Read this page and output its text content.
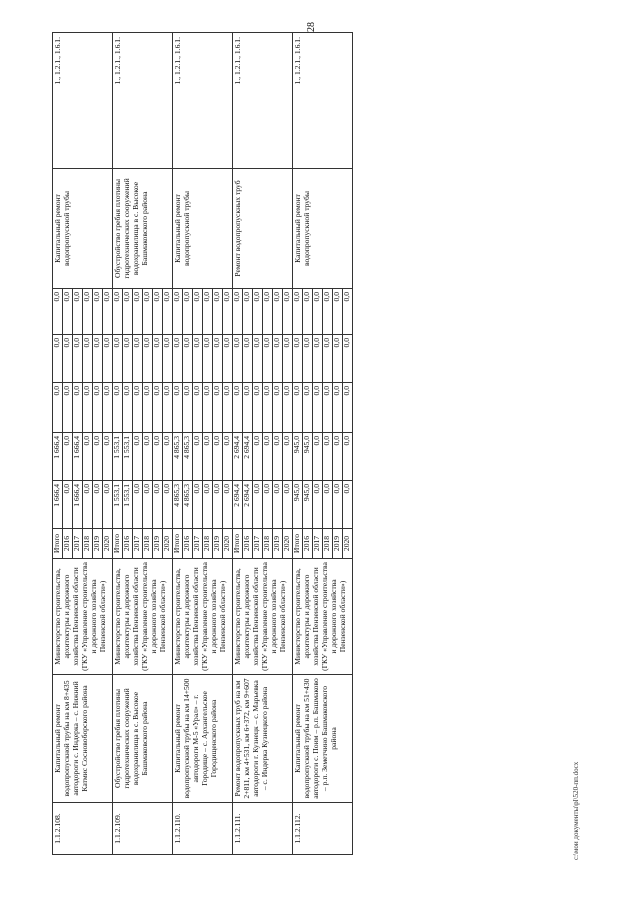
28
c:\мои документы\pl\520-пп.docx
1.1.2.108.	Капитальный ремонт водопропускной трубы на км 8+435 автодороги с. Индерка – с. Нижний Катмис Сосновоборского района	Министерство строительства, архитектуры и дорожного хозяйства Пензенской области (ГКУ «Управление строительства и дорожного хозяйства Пензенской области»)	Итого	1 666,4	1 666,4	0,0	0,0	0,0	Капитальный ремонт водопропускной трубы	1., 1.2.1., 1.6.1.
			2016	0,0	0,0	0,0	0,0	0,0		
			2017	1 666,4	1 666,4	0,0	0,0	0,0		
			2018	0,0	0,0	0,0	0,0	0,0		
			2019	0,0	0,0	0,0	0,0	0,0		
			2020	0,0	0,0	0,0	0,0	0,0		
1.1.2.109.	Обустройство гребня плотины гидротехнических сооружений водохранилища в с. Высокое Башмаковского района	Министерство строительства, архитектуры и дорожного хозяйства Пензенской области (ГКУ «Управление строительства и дорожного хозяйства Пензенской области»)	Итого	1 553,1	1 553,1	0,0	0,0	0,0	Обустройство гребня плотины гидротехнических сооружений водохранилища в с. Высокое Башмаковского района	1., 1.2.1., 1.6.1.
			2016	1 553,1	1 553,1	0,0	0,0	0,0		
			2017	0,0	0,0	0,0	0,0	0,0		
			2018	0,0	0,0	0,0	0,0	0,0		
			2019	0,0	0,0	0,0	0,0	0,0		
			2020	0,0	0,0	0,0	0,0	0,0		
1.1.2.110.	Капитальный ремонт водопропускной трубы на км 14+500 автодороги М-5 «Урал» – г. Городище – с. Архангельское Городищенского района	Министерство строительства, архитектуры и дорожного хозяйства Пензенской области (ГКУ «Управление строительства и дорожного хозяйства Пензенской области»)	Итого	4 865,3	4 865,3	0,0	0,0	0,0	Капитальный ремонт водопропускной трубы	1., 1.2.1., 1.6.1.
			2016	4 865,3	4 865,3	0,0	0,0	0,0		
			2017	0,0	0,0	0,0	0,0	0,0		
			2018	0,0	0,0	0,0	0,0	0,0		
			2019	0,0	0,0	0,0	0,0	0,0		
			2020	0,0	0,0	0,0	0,0	0,0		
1.1.2.111.	Ремонт водопропускных труб на км 2+811, км 4+531, км 6+372, км 9+607 автодороги г. Кузнецк – с. Марьевка – с. Индерка Кузнецкого района	Министерство строительства, архитектуры и дорожного хозяйства Пензенской области (ГКУ «Управление строительства и дорожного хозяйства Пензенской области»)	Итого	2 694,4	2 694,4	0,0	0,0	0,0	Ремонт водопропускных труб	1., 1.2.1., 1.6.1.
			2016	2 694,4	2 694,4	0,0	0,0	0,0		
			2017	0,0	0,0	0,0	0,0	0,0		
			2018	0,0	0,0	0,0	0,0	0,0		
			2019	0,0	0,0	0,0	0,0	0,0		
			2020	0,0	0,0	0,0	0,0	0,0		
1.1.2.112.	Капитальный ремонт водопропускной трубы на км 51+430 автодороги с. Поим – р.п. Башмаково – р.п. Земетчино Башмаковского района	Министерство строительства, архитектуры и дорожного хозяйства Пензенской области (ГКУ «Управление строительства и дорожного хозяйства Пензенской области»)	Итого	945,0	945,0	0,0	0,0	0,0	Капитальный ремонт водопропускной трубы	1., 1.2.1., 1.6.1.
			2016	945,0	945,0	0,0	0,0	0,0		
			2017	0,0	0,0	0,0	0,0	0,0		
			2018	0,0	0,0	0,0	0,0	0,0		
			2019	0,0	0,0	0,0	0,0	0,0		
			2020	0,0	0,0	0,0	0,0	0,0		
